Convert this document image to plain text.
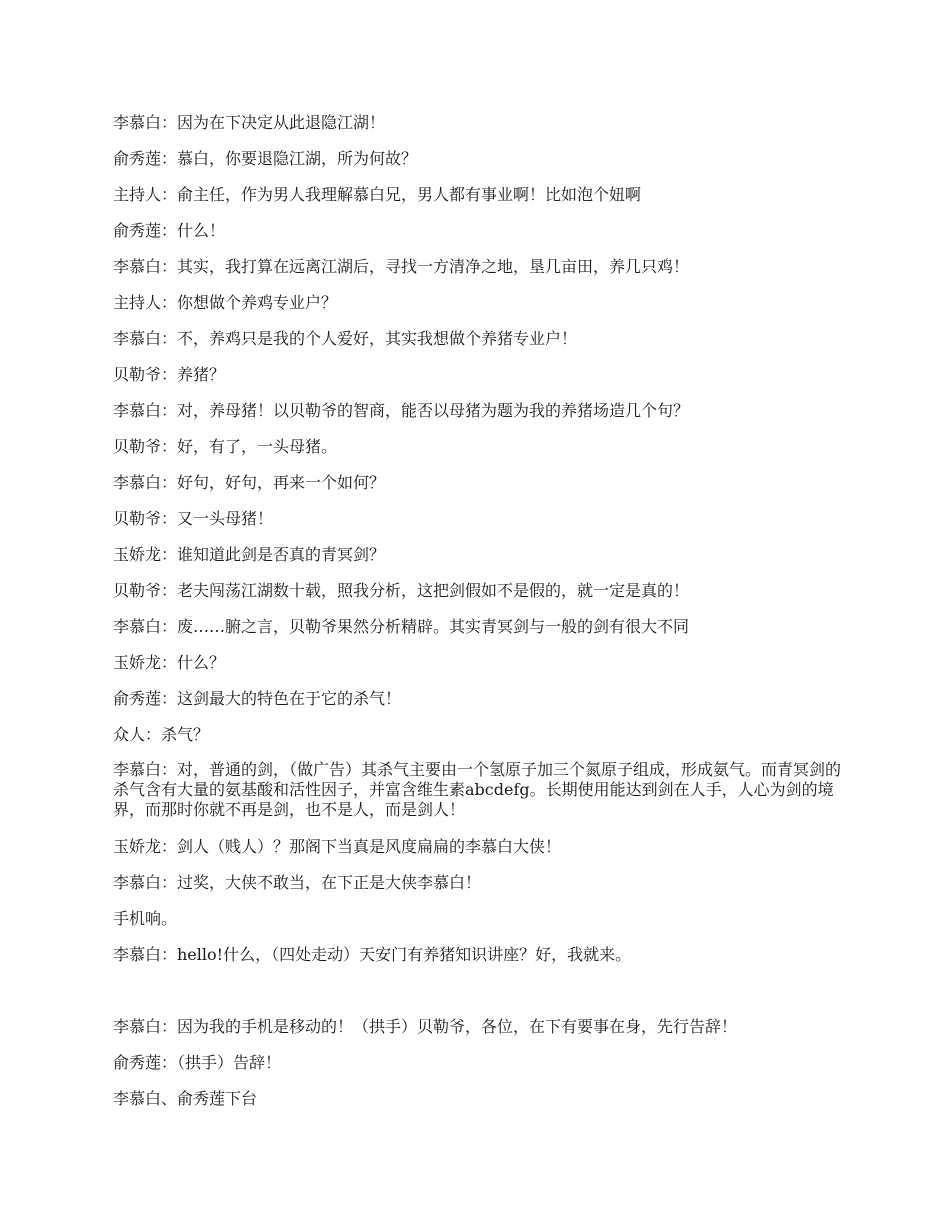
李慕白：因为在下决定从此退隐江湖！

俞秀莲：慕白，你要退隐江湖，所为何故？

主持人：俞主任，作为男人我理解慕白兄，男人都有事业啊！比如泡个妞啊

俞秀莲：什么！

李慕白：其实，我打算在远离江湖后，寻找一方清净之地，垦几亩田，养几只鸡！

主持人：你想做个养鸡专业户？

李慕白：不，养鸡只是我的个人爱好，其实我想做个养猪专业户！

贝勒爷：养猪？

李慕白：对，养母猪！以贝勒爷的智商，能否以母猪为题为我的养猪场造几个句？

贝勒爷：好，有了，一头母猪。

李慕白：好句，好句，再来一个如何？

贝勒爷：又一头母猪！

玉娇龙：谁知道此剑是否真的青冥剑？

贝勒爷：老夫闯荡江湖数十载，照我分析，这把剑假如不是假的，就一定是真的！

李慕白：废……腑之言，贝勒爷果然分析精辟。其实青冥剑与一般的剑有很大不同

玉娇龙：什么？

俞秀莲：这剑最大的特色在于它的杀气！

众人：杀气？

李慕白：对，普通的剑，（做广告）其杀气主要由一个氢原子加三个氮原子组成，形成氨气。而青冥剑的杀气含有大量的氨基酸和活性因子，并富含维生素abcdefg。长期使用能达到剑在人手，人心为剑的境界，而那时你就不再是剑，也不是人，而是剑人！

玉娇龙：剑人（贱人）？那阁下当真是风度扁扁的李慕白大侠！

李慕白：过奖，大侠不敢当，在下正是大侠李慕白！

手机响。

李慕白：hello!什么，（四处走动）天安门有养猪知识讲座？好，我就来。

李慕白：因为我的手机是移动的！（拱手）贝勒爷，各位，在下有要事在身，先行告辞！

俞秀莲：（拱手）告辞！

李慕白、俞秀莲下台
